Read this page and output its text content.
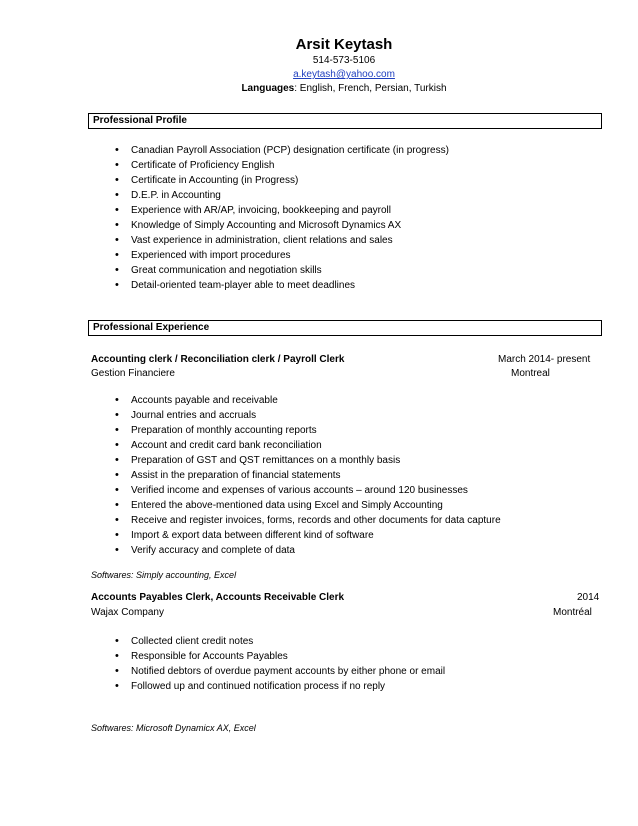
Arsit Keytash
514-573-5106
a.keytash@yahoo.com
Languages: English, French, Persian, Turkish
Professional Profile
• Canadian Payroll Association (PCP) designation certificate (in progress)
• Certificate of Proficiency English
• Certificate in Accounting (in Progress)
• D.E.P. in Accounting
• Experience with AR/AP, invoicing, bookkeeping and payroll
• Knowledge of Simply Accounting and Microsoft Dynamics AX
• Vast experience in administration, client relations and sales
• Experienced with import procedures
• Great communication and negotiation skills
• Detail-oriented team-player able to meet deadlines
Professional Experience
Accounting clerk / Reconciliation clerk / Payroll Clerk	March 2014- present
Gestion Financiere	Montreal
• Accounts payable and receivable
• Journal entries and accruals
• Preparation of monthly accounting reports
• Account and credit card bank reconciliation
• Preparation of GST and QST remittances on a monthly basis
• Assist in the preparation of financial statements
• Verified income and expenses of various accounts – around 120 businesses
• Entered the above-mentioned data using Excel and Simply Accounting
• Receive and register invoices, forms, records and other documents for data capture
• Import & export data between different kind of software
• Verify accuracy and complete of data
Softwares: Simply accounting, Excel
Accounts Payables Clerk, Accounts Receivable Clerk	2014
Wajax Company	Montréal
• Collected client credit notes
• Responsible for Accounts Payables
• Notified debtors of overdue payment accounts by either phone or email
• Followed up and continued notification process if no reply
Softwares: Microsoft Dynamicx AX, Excel
